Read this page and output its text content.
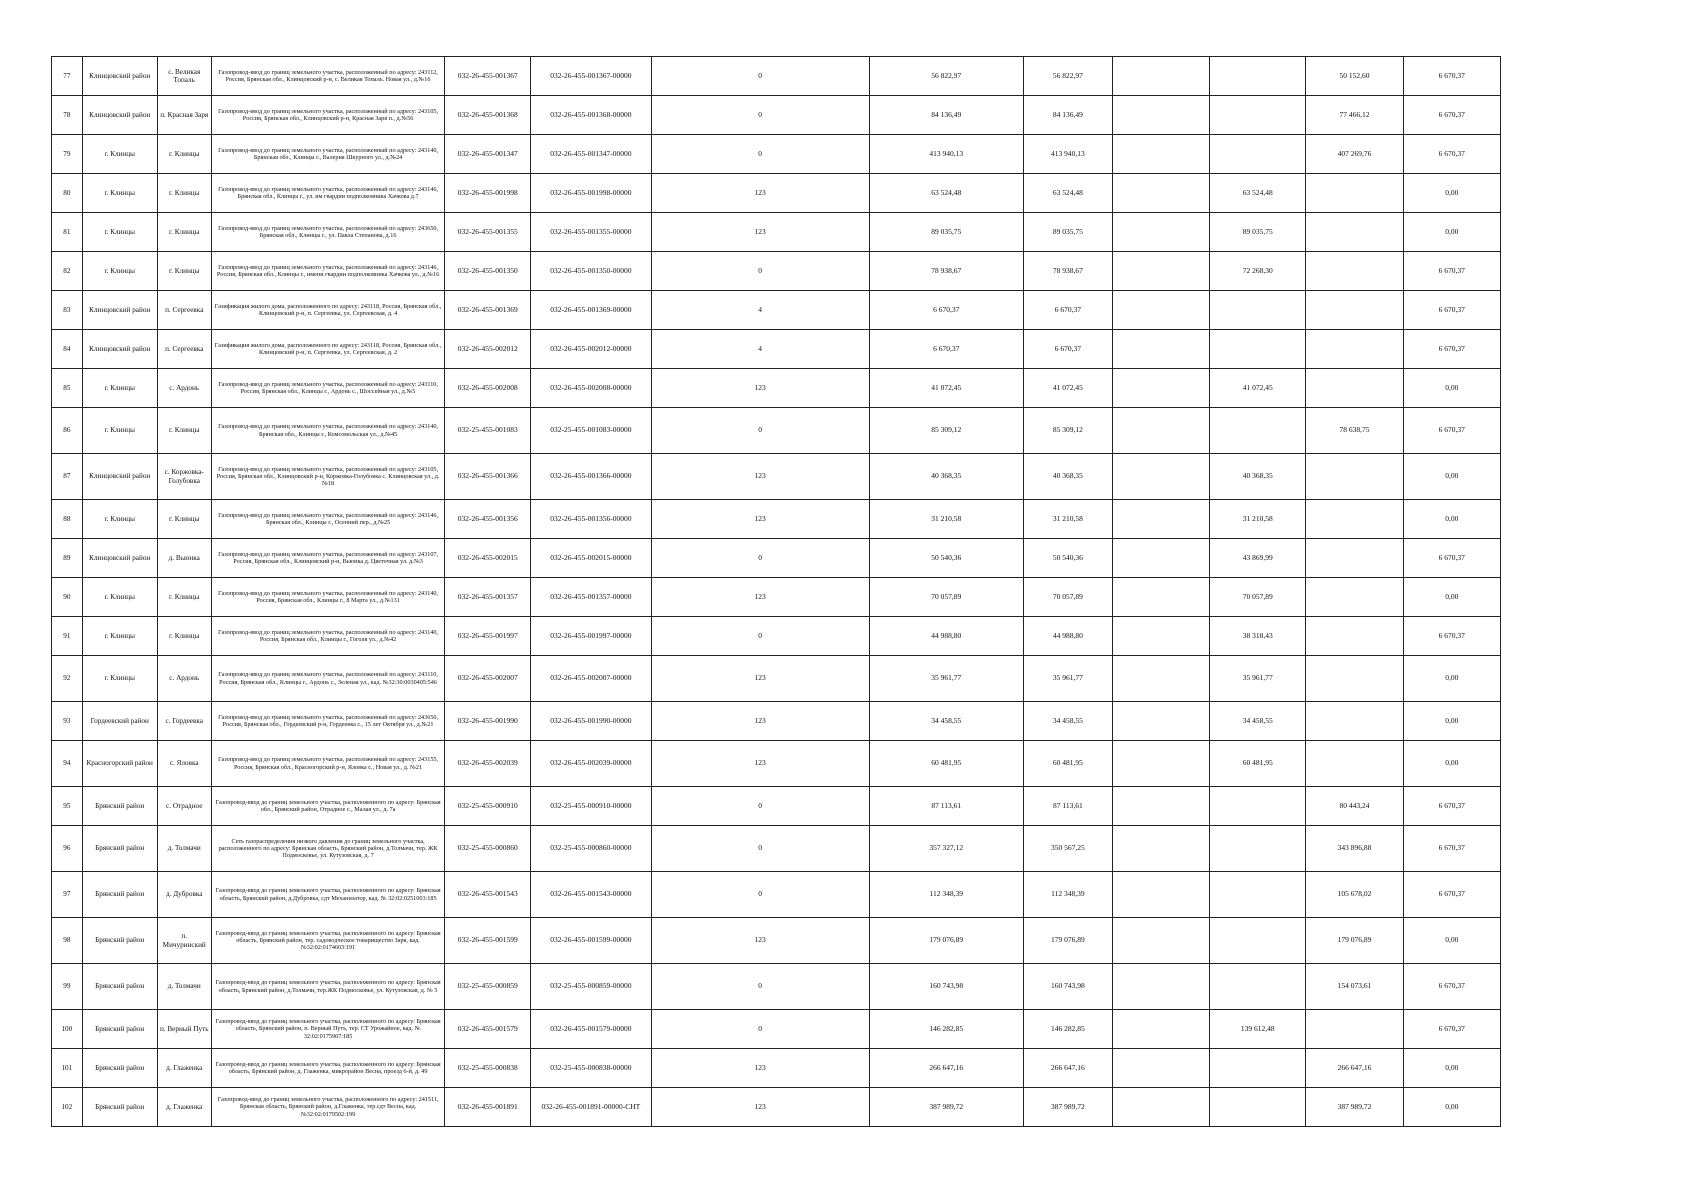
77	Клинцовский район	с. Великая Топаль	Газопровод-ввод до границ земельного участка, расположенный по адресу: 243112, Россия, Брянская обл., Клинцовский р-н, с. Великая Топаль. Новая ул., д.№16	032-26-455-001367	032-26-455-001367-00000	0	56 822,97	56 822,97			50 152,60	6 670,37
78	Клинцовский район	п. Красная Заря	Газопровод-ввод до границ земельного участка, расположенный по адресу: 243105, Россия, Брянская обл., Клинцовский р-н, Красная Заря п., д.№56	032-26-455-001368	032-26-455-001368-00000	0	84 136,49	84 136,49			77 466,12	6 670,37
79	г. Клинцы	г. Клинцы	Газопровод-ввод до границ земельного участка, расположенный по адресу: 243140, Брянская обл., Клинцы г., Валерия Шкурного ул., д.№24	032-26-455-001347	032-26-455-001347-00000	0	413 940,13	413 940,13			407 269,76	6 670,37
80	г. Клинцы	г. Клинцы	Газопровод-ввод до границ земельного участка, расположенный по адресу: 243146, Брянская обл., Клинцы г., ул. им гвардии подполковника Хачкова д.7	032-26-455-001998	032-26-455-001998-00000	123	63 524,48	63 524,48		63 524,48		0,00
81	г. Клинцы	г. Клинцы	Газопровод-ввод до границ земельного участка, расположенный по адресу: 243650, Брянская обл., Клинцы г., ул. Павла Степанова, д.16	032-26-455-001355	032-26-455-001355-00000	123	89 035,75	89 035,75		89 035,75		0,00
82	г. Клинцы	г. Клинцы	Газопровод-ввод до границ земельного участка, расположенный по адресу: 243146, Россия, Брянская обл., Клинцы г., имени гвардии подполковника Хачкова ул., д.№16	032-26-455-001350	032-26-455-001350-00000	0	78 938,67	78 938,67		72 268,30		6 670,37
83	Клинцовский район	п. Сергеевка	Газификация жилого дома, расположенного по адресу: 243118, Россия, Брянская обл., Клинцовский р-н, п. Сергеевка, ул. Сергеевская, д. 4	032-26-455-001369	032-26-455-001369-00000	4	6 670,37	6 670,37				6 670,37
84	Клинцовский район	п. Сергеевка	Газификация жилого дома, расположенного по адресу: 243118, Россия, Брянская обл., Клинцовский р-н, п. Сергеевка, ул. Сергеевская, д. 2	032-26-455-002012	032-26-455-002012-00000	4	6 670,37	6 670,37				6 670,37
85	г. Клинцы	с. Ардонь	Газопровод-ввод до границ земельного участка, расположенный по адресу: 243110, Россия, Брянская обл., Клинцы г., Ардонь с., Шоссейная ул., д.№5	032-26-455-002008	032-26-455-002008-00000	123	41 072,45	41 072,45		41 072,45		0,00
86	г. Клинцы	г. Клинцы	Газопровод-ввод до границ земельного участка, расположенный по адресу: 243140, Брянская обл., Клинцы г., Комсомольская ул., д.№45	032-25-455-001083	032-25-455-001083-00000	0	85 309,12	85 309,12			78 638,75	6 670,37
87	Клинцовский район	с. Коржовка-Голубовка	Газопровод-ввод до границ земельного участка, расположенный по адресу: 243105, Россия, Брянская обл., Клинцовский р-н, Коржовка-Голубовка с. Клинцовская ул., д.№18	032-26-455-001366	032-26-455-001366-00000	123	40 368,35	40 368,35		40 368,35		0,00
88	г. Клинцы	г. Клинцы	Газопровод-ввод до границ земельного участка, расположенный по адресу: 243146, Брянская обл., Клинцы г., Осенний пер., д.№25	032-26-455-001356	032-26-455-001356-00000	123	31 210,58	31 210,58		31 210,58		0,00
89	Клинцовский район	д. Вьюнка	Газопровод-ввод до границ земельного участка, расположенный по адресу: 243107, Россия, Брянская обл., Клинцовский р-н, Вьюнка д. Цветочная ул. д.№3	032-26-455-002015	032-26-455-002015-00000	0	50 540,36	50 540,36		43 869,99		6 670,37
90	г. Клинцы	г. Клинцы	Газопровод-ввод до границ земельного участка, расположенный по адресу: 243140, Россия, Брянская обл., Клинцы г., 8 Марта ул., д.№131	032-26-455-001357	032-26-455-001357-00000	123	70 057,89	70 057,89		70 057,89		0,00
91	г. Клинцы	г. Клинцы	Газопровод-ввод до границ земельного участка, расположенный по адресу: 243140, Россия, Брянская обл., Клинцы г., Гоголя ул., д.№42	032-26-455-001997	032-26-455-001997-00000	0	44 988,80	44 988,80		38 318,43		6 670,37
92	г. Клинцы	с. Ардонь	Газопровод-ввод до границ земельного участка, расположенный по адресу: 243110, Россия, Брянская обл., Клинцы г., Ардонь с., Зеленая ул., кад. №32:30:0030405:546	032-26-455-002007	032-26-455-002007-00000	123	35 961,77	35 961,77		35 961,77		0,00
93	Гордеевский район	с. Гордеевка	Газопровод-ввод до границ земельного участка, расположенный по адресу: 243650, Россия, Брянская обл., Гордеевский р-н, Гордеевка с., 15 лет Октября ул., д.№21	032-26-455-001990	032-26-455-001990-00000	123	34 458,55	34 458,55		34 458,55		0,00
94	Красногорский район	с. Яловка	Газопровод-ввод до границ земельного участка, расположенный по адресу: 243155, Россия, Брянская обл., Красногорский р-н, Яловка с., Новая ул., д. №21	032-26-455-002039	032-26-455-002039-00000	123	60 481,95	60 481,95		60 481,95		0,00
95	Брянский район	с. Отрадное	Газопровод-ввод до границ земельного участка, расположенного по адресу: Брянская обл., Брянский район, Отрадное с., Малая ул., д. 7а	032-25-455-000910	032-25-455-000910-00000	0	87 113,61	87 113,61			80 443,24	6 670,37
96	Брянский район	д. Толмачи	Сеть газораспределения низкого давления до границ земельного участка, расположенного по адресу: Брянская область, Брянский район, д.Толмачи, тер. ЖК Подмосковье, ул. Кутузовская, д. 7	032-25-455-000860	032-25-455-000860-00000	0	357 327,12	350 567,25			343 896,88	6 670,37
97	Брянский район	д. Дубровка	Газопровод-ввод до границ земельного участка, расположенного по адресу: Брянская область, Брянский район, д.Дубровка, сдт Механизатор, кад. № 32:02:0251003:185	032-26-455-001543	032-26-455-001543-00000	0	112 348,39	112 348,39			105 678,02	6 670,37
98	Брянский район	п. Мичуринский	Газопровод-ввод до границ земельного участка, расположенного по адресу: Брянская область, Брянский район, тер. садоводческое товарищество Заря, кад. №32:02:0174603:191	032-26-455-001599	032-26-455-001599-00000	123	179 076,89	179 076,89			179 076,89	0,00
99	Брянский район	д. Толмачи	Газопровод-ввод до границ земельного участка, расположенного по адресу: Брянская область, Брянский район, д.Толмачи, тер.ЖК Подмосковье, ул. Кутузовская, д. № 5	032-25-455-000859	032-25-455-000859-00000	0	160 743,98	160 743,98			154 073,61	6 670,37
100	Брянский район	п. Верный Путь	Газопровод-ввод до границ земельного участка, расположенного по адресу: Брянская область, Брянский район, п. Верный Путь, тер. СТ Урожайное, кад. № 32:02:0175907:185	032-26-455-001579	032-26-455-001579-00000	0	146 282,85	146 282,85		139 612,48		6 670,37
101	Брянский район	д. Глаженка	Газопровод-ввод до границ земельного участка, расположенного по адресу: Брянская область, Брянский район, д. Глаженка, микрорайон Весна, проезд 6-й, д. 49	032-25-455-000838	032-25-455-000838-00000	123	266 647,16	266 647,16			266 647,16	0,00
102	Брянский район	д. Глаженка	Газопровод-ввод до границ земельного участка, расположенного по адресу: 241511, Брянская область, Брянский район, д.Глаженка, тер.сдт Весна, кад. №32:02:0179502:199	032-26-455-001891	032-26-455-001891-00000-СНТ	123	387 989,72	387 989,72			387 989,72	0,00
